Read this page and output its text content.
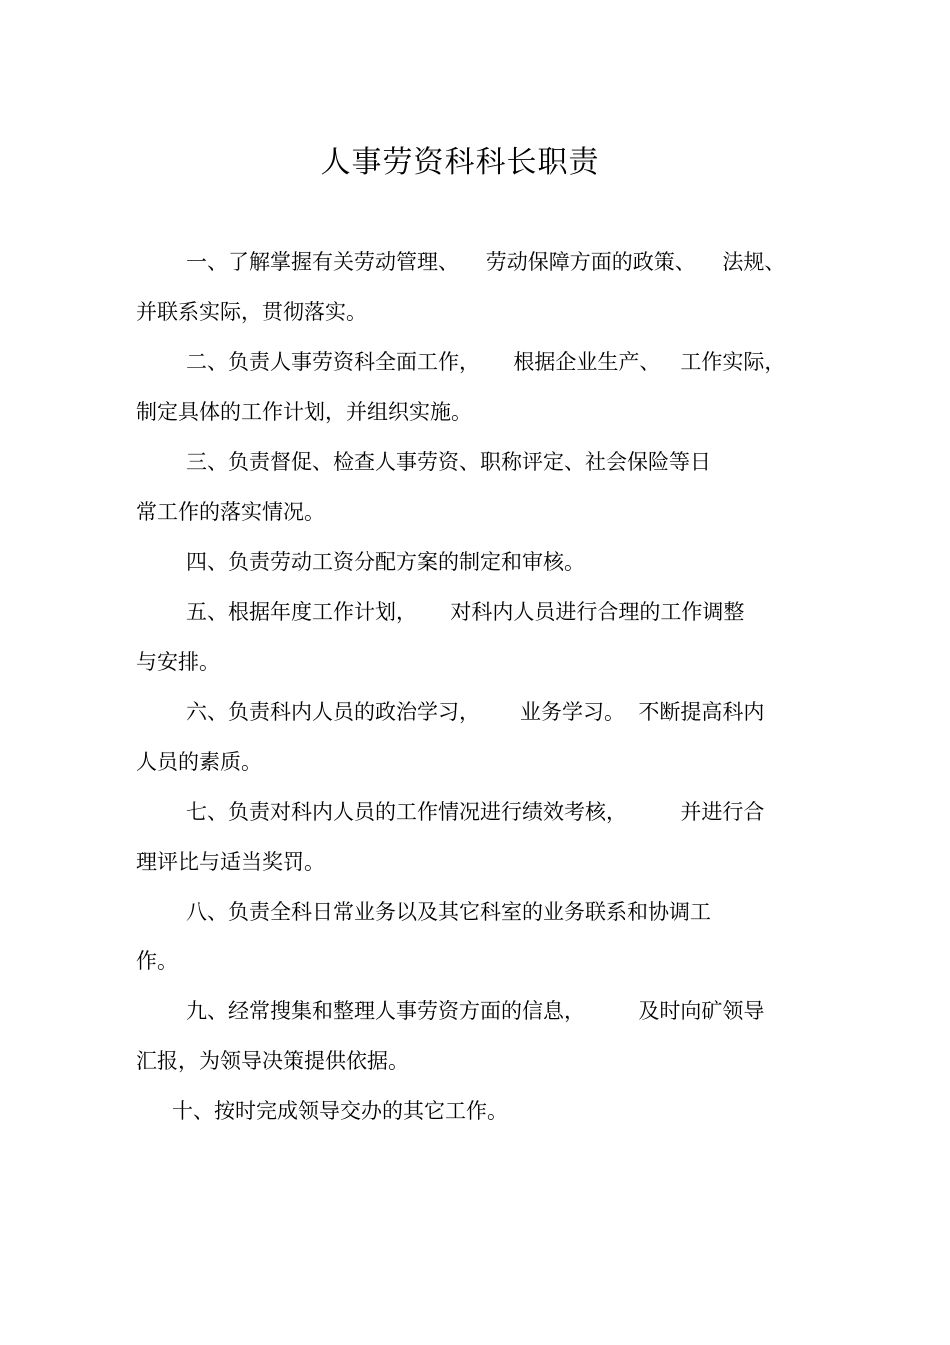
人事劳资科科长职责
一、了解掌握有关劳动管理、    劳动保障方面的政策、    法规、
并联系实际，贯彻落实。
二、负责人事劳资科全面工作，     根据企业生产、   工作实际，
制定具体的工作计划，并组织实施。
三、负责督促、检查人事劳资、职称评定、社会保险等日
常工作的落实情况。
四、负责劳动工资分配方案的制定和审核。
五、根据年度工作计划，     对科内人员进行合理的工作调整
与安排。
六、负责科内人员的政治学习，      业务学习。  不断提高科内
人员的素质。
七、负责对科内人员的工作情况进行绩效考核，        并进行合
理评比与适当奖罚。
八、负责全科日常业务以及其它科室的业务联系和协调工
作。
九、经常搜集和整理人事劳资方面的信息，        及时向矿领导
汇报，为领导决策提供依据。
十、按时完成领导交办的其它工作。
